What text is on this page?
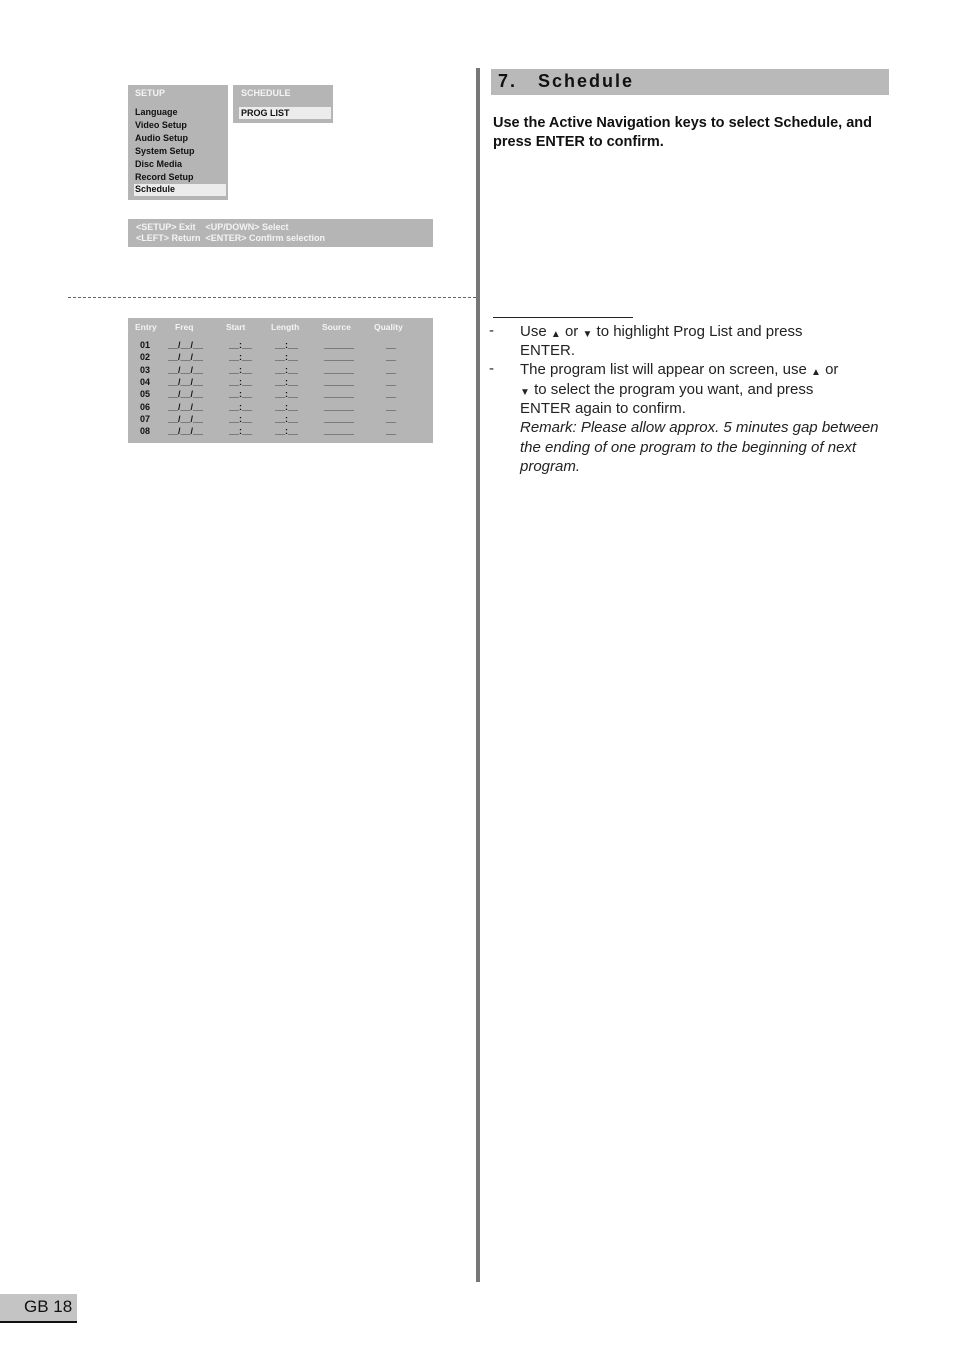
SETUP
Language
Video Setup
Audio Setup
System Setup
Disc Media
Record Setup
Schedule
SCHEDULE
PROG LIST
<SETUP> Exit    <UP/DOWN> Select
<LEFT> Return  <ENTER> Confirm selection
Entry Freq	Start	Length	Source	Quality
01 __/__/__	__:__	__:__	______	__
02 __/__/__	__:__	__:__	______	__
03 __/__/__	__:__	__:__	______	__
04 __/__/__	__:__	__:__	______	__
05 __/__/__	__:__	__:__	______	__
06 __/__/__	__:__	__:__	______	__
07 __/__/__	__:__	__:__	______	__
08 __/__/__	__:__	__:__	______	__
7.   Schedule
Use the Active Navigation keys to select Schedule, and press ENTER to confirm.
- Use ▲ or ▼ to highlight Prog List and press
ENTER.
- The program list will appear on screen, use ▲ or
▼ to select the program you want, and press
ENTER again to confirm.
Remark: Please allow approx. 5 minutes gap between the ending of one program to the beginning of next program.
GB 18
